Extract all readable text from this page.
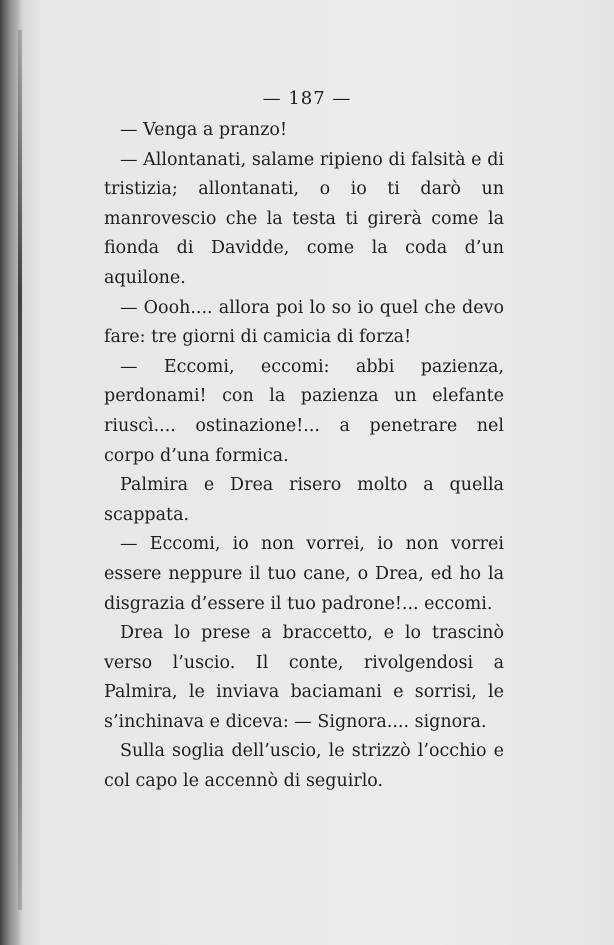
— 187 —

— Venga a pranzo!

— Allontanati, salame ripieno di falsità e di tristizia; allontanati, o io ti darò un manrovescio che la testa ti girerà come la fionda di Davidde, come la coda d’un aquilone.

— Oooh.... allora poi lo so io quel che devo fare: tre giorni di camicia di forza!

— Eccomi, eccomi: abbi pazienza, perdonami! con la pazienza un elefante riuscì.... ostinazione!... a penetrare nel corpo d’una formica.

Palmira e Drea risero molto a quella scappata.

— Eccomi, io non vorrei, io non vorrei essere neppure il tuo cane, o Drea, ed ho la disgrazia d’essere il tuo padrone!... eccomi.

Drea lo prese a braccetto, e lo trascinò verso l’uscio. Il conte, rivolgendosi a Palmira, le inviava baciamani e sorrisi, le s’inchinava e diceva: — Signora.... signora.

Sulla soglia dell’uscio, le strizzò l’occhio e col capo le accennò di seguirlo.
